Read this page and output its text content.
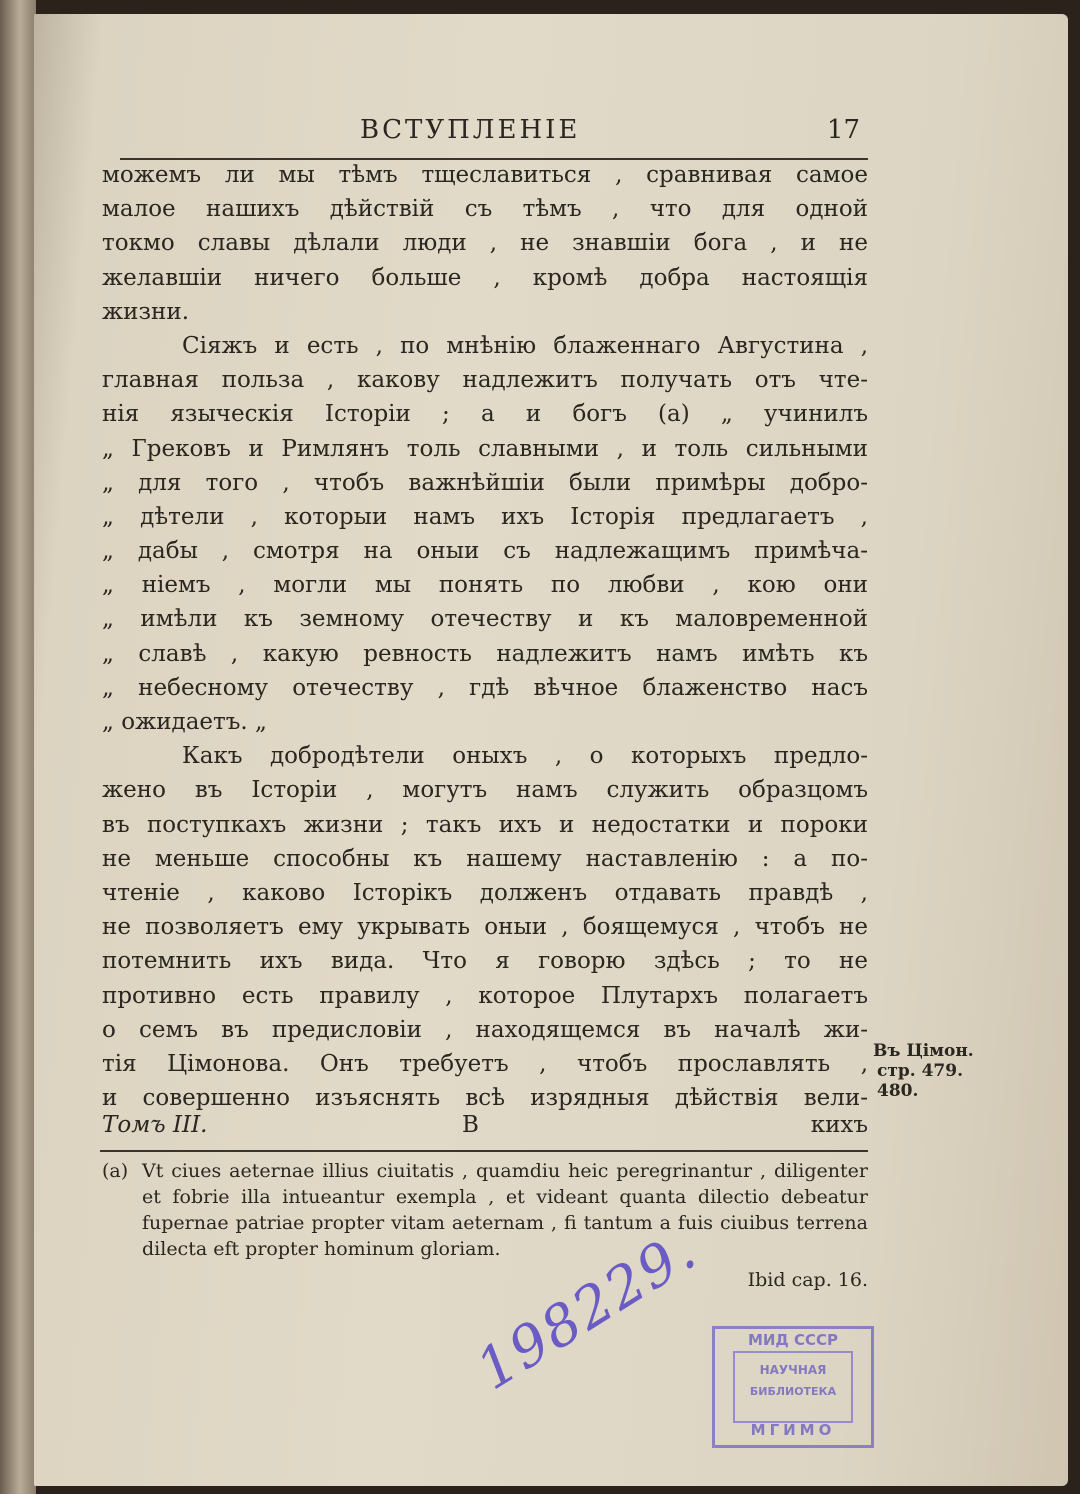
ВСТУПЛЕНІЕ	17
можемъ ли мы тѣмъ тщеславиться , сравнивая самое
малое нашихъ дѣйствій съ тѣмъ , что для одной
токмо славы дѣлали люди , не знавшіи бога , и не
желавшіи ничего больше , кромѣ добра настоящія
жизни.
Сіяжъ и есть , по мнѣнію блаженнаго Августина ,
главная польза , какову надлежитъ получать отъ чте-
нія языческія Історіи ; а и богъ (а) „ учинилъ
„ Грековъ и Римлянъ толь славными , и толь сильными
„ для того , чтобъ важнѣйшіи были примѣры добро-
„ дѣтели , которыи намъ ихъ Історія предлагаетъ ,
„ дабы , смотря на оныи съ надлежащимъ примѣча-
„ ніемъ , могли мы понять по любви , кою они
„ имѣли къ земному отечеству и къ маловременной
„ славѣ , какую ревность надлежитъ намъ имѣть къ
„ небесному отечеству , гдѣ вѣчное блаженство насъ
„ ожидаетъ. „
Какъ добродѣтели оныхъ , о которыхъ предло-
жено въ Історіи , могутъ намъ служить образцомъ
въ поступкахъ жизни ; такъ ихъ и недостатки и пороки
не меньше способны къ нашему наставленію : а по-
чтеніе , каково Історікъ долженъ отдавать правдѣ ,
не позволяетъ ему укрывать оныи , боящемуся , чтобъ не
потемнить ихъ вида. Что я говорю здѣсь ; то не
противно есть правилу , которое Плутархъ полагаетъ
о семъ въ предисловіи , находящемся въ началѣ жи-
тія Цімонова. Онъ требуетъ , чтобъ прославлять ,
и совершенно изъяснять всѣ изрядныя дѣйствія вели-
Въ Цімон.
стр. 479.
480.
Томъ III.	В	кихъ
(а) Vt ciues aeternae illius ciuitatis , quamdiu heic peregrinantur , diligenter
et fobrie illa intueantur exempla , et videant quanta dilectio debeatur
fupernae patriae propter vitam aeternam , fi tantum a fuis ciuibus terrena
dilecta eft propter hominum gloriam.
Ibid cap. 16.
198229.	МИД СССР
НАУЧНАЯ
БИБЛИОТЕКА
МГИМО
